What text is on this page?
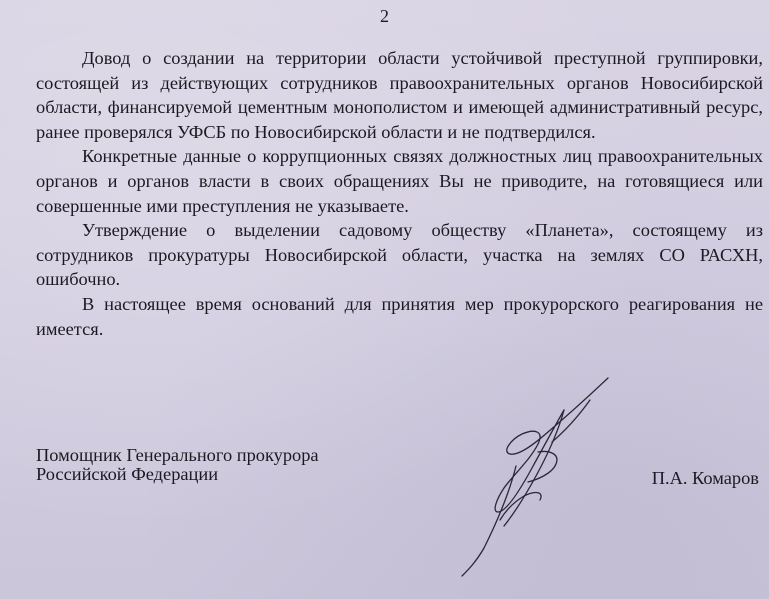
2

Довод о создании на территории области устойчивой преступной группировки, состоящей из действующих сотрудников правоохранительных органов Новосибирской области, финансируемой цементным монополистом и имеющей административный ресурс, ранее проверялся УФСБ по Новосибирской области и не подтвердился.

Конкретные данные о коррупционных связях должностных лиц правоохранительных органов и органов власти в своих обращениях Вы не приводите, на готовящиеся или совершенные ими преступления не указываете.

Утверждение о выделении садовому обществу «Планета», состоящему из сотрудников прокуратуры Новосибирской области, участка на землях СО РАСХН, ошибочно.

В настоящее время оснований для принятия мер прокурорского реагирования не имеется.

Помощник Генерального прокурора
Российской Федерации	П.А. Комаров
